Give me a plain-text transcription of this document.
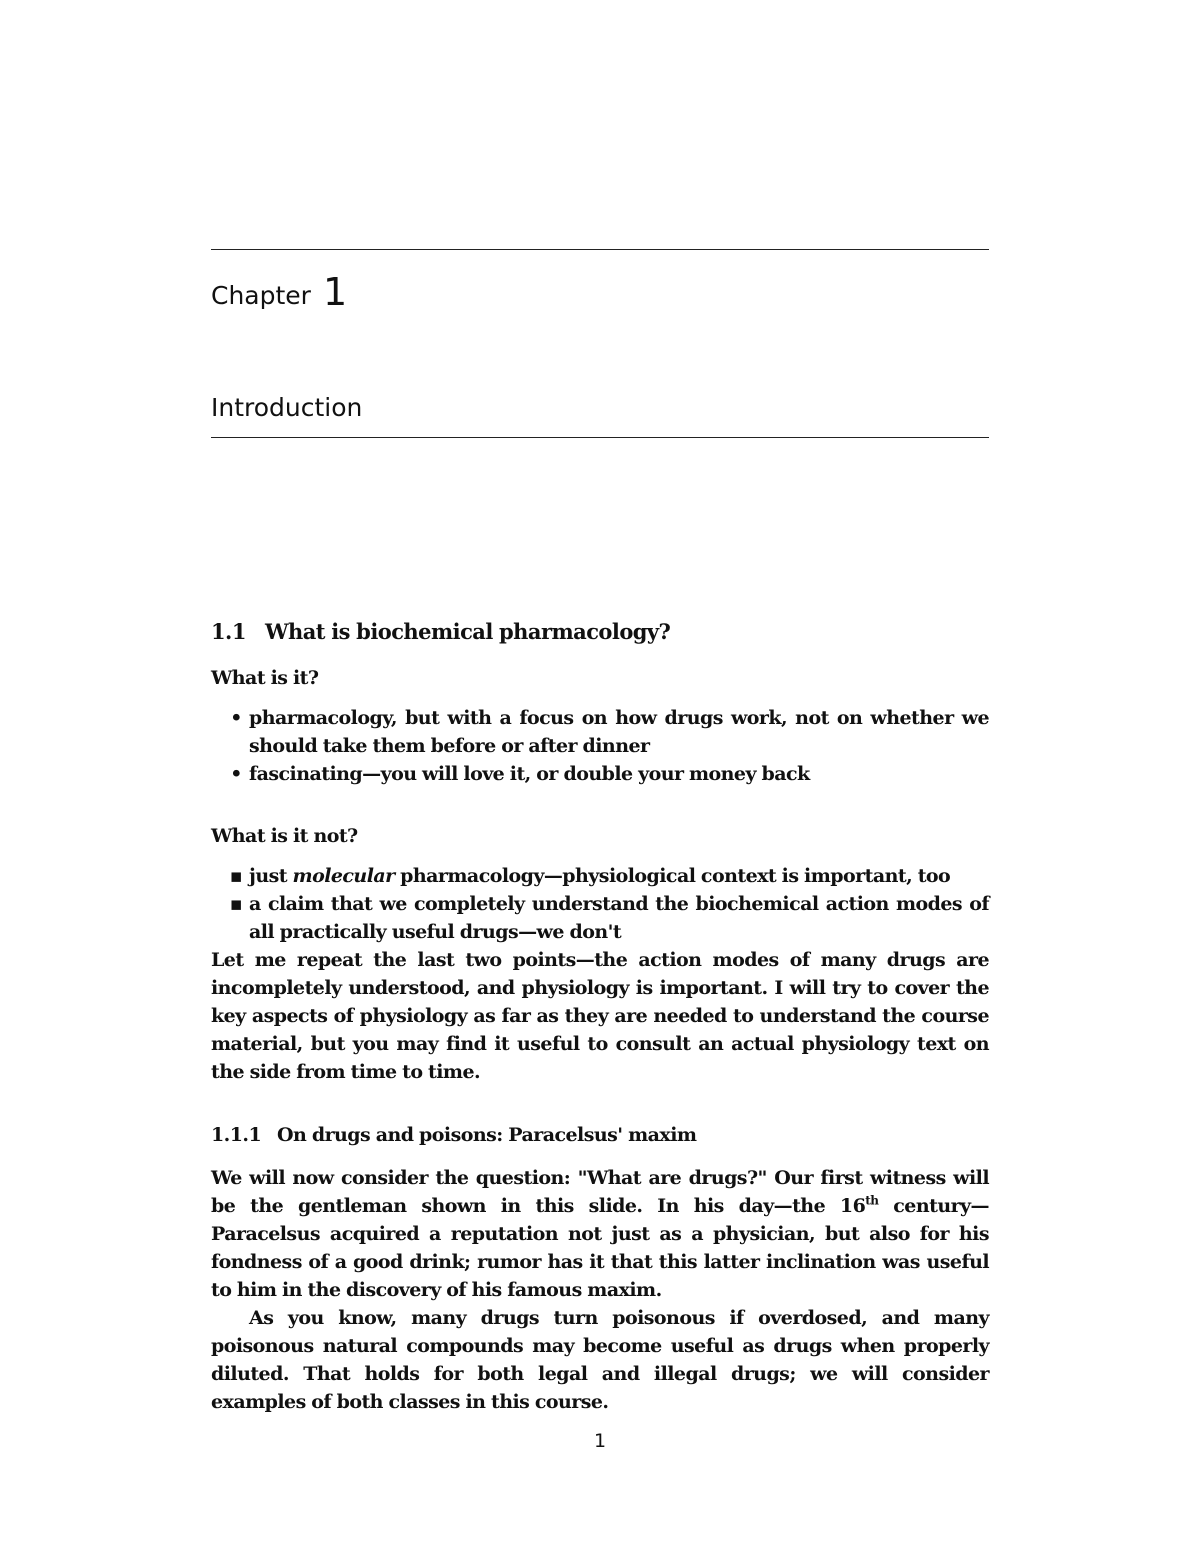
Chapter 1
Introduction
1.1 What is biochemical pharmacology?

What is it?

• pharmacology, but with a focus on how drugs work, not on whether we should take them before or after dinner
• fascinating—you will love it, or double your money back

What is it not?

▪ just molecular pharmacology—physiological context is important, too
▪ a claim that we completely understand the biochemical action modes of all practically useful drugs—we don't

Let me repeat the last two points—the action modes of many drugs are incompletely understood, and physiology is important. I will try to cover the key aspects of physiology as far as they are needed to understand the course material, but you may find it useful to consult an actual physiology text on the side from time to time.

1.1.1 On drugs and poisons: Paracelsus' maxim

We will now consider the question: "What are drugs?" Our first witness will be the gentleman shown in this slide. In his day—the 16th century—Paracelsus acquired a reputation not just as a physician, but also for his fondness of a good drink; rumor has it that this latter inclination was useful to him in the discovery of his famous maxim.

As you know, many drugs turn poisonous if overdosed, and many poisonous natural compounds may become useful as drugs when properly diluted. That holds for both legal and illegal drugs; we will consider examples of both classes in this course.

1
